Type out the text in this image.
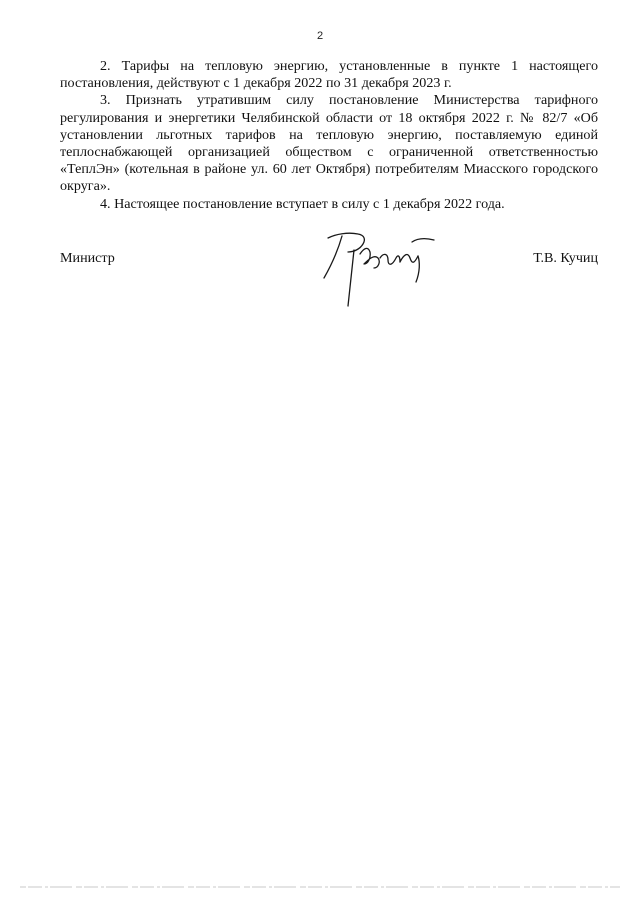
2

2. Тарифы на тепловую энергию, установленные в пункте 1 настоящего постановления, действуют с 1 декабря 2022 по 31 декабря 2023 г.

3. Признать утратившим силу постановление Министерства тарифного регулирования и энергетики Челябинской области от 18 октября 2022 г. № 82/7 «Об установлении льготных тарифов на тепловую энергию, поставляемую единой теплоснабжающей организацией обществом с ограниченной ответственностью «ТеплЭн» (котельная в районе ул. 60 лет Октября) потребителям Миасского городского округа».

4. Настоящее постановление вступает в силу с 1 декабря 2022 года.

Министр	Т.В. Кучиц
